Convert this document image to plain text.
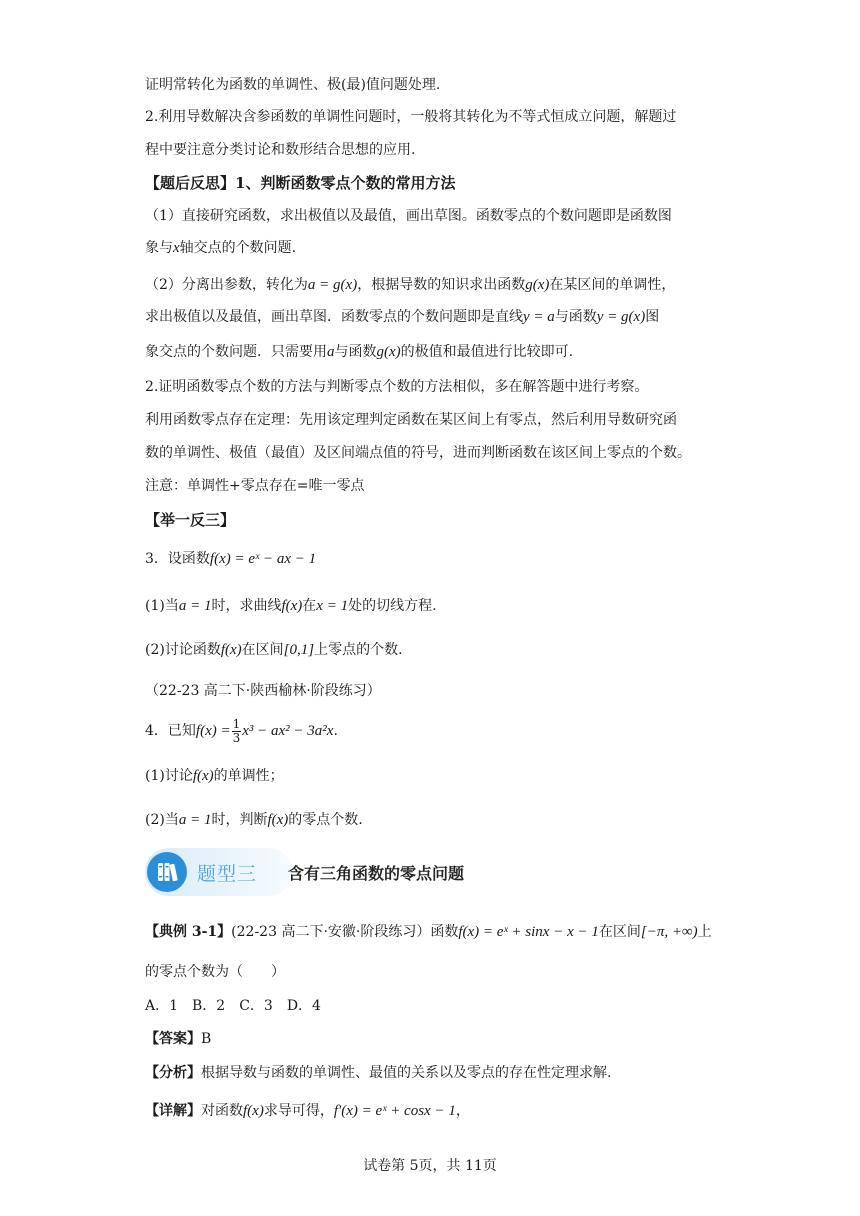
证明常转化为函数的单调性、极(最)值问题处理.
2.利用导数解决含参函数的单调性问题时，一般将其转化为不等式恒成立问题，解题过
程中要注意分类讨论和数形结合思想的应用.
【题后反思】1、判断函数零点个数的常用方法
（1）直接研究函数，求出极值以及最值，画出草图。函数零点的个数问题即是函数图
象与x轴交点的个数问题.
（2）分离出参数，转化为a = g(x)，根据导数的知识求出函数g(x)在某区间的单调性，
求出极值以及最值，画出草图．函数零点的个数问题即是直线y = a与函数y = g(x)图
象交点的个数问题．只需要用a与函数g(x)的极值和最值进行比较即可.
2.证明函数零点个数的方法与判断零点个数的方法相似，多在解答题中进行考察。
利用函数零点存在定理：先用该定理判定函数在某区间上有零点，然后利用导数研究函
数的单调性、极值（最值）及区间端点值的符号，进而判断函数在该区间上零点的个数。
注意：单调性+零点存在=唯一零点
【举一反三】
3．设函数f(x) = eˣ − ax − 1
(1)当a = 1时，求曲线f(x)在x = 1处的切线方程.
(2)讨论函数f(x)在区间[0,1]上零点的个数.
（22-23 高二下·陕西榆林·阶段练习）
4．已知$f(x) = \frac{1}{3} x^3 - ax^2 - 3a^2x$.
(1)讨论f(x)的单调性；
(2)当a = 1时，判断f(x)的零点个数.
题型三 含有三角函数的零点问题
【典例 3-1】(22-23 高二下·安徽·阶段练习）函数f(x) = eˣ + sinx − x − 1在区间[−π, +∞)上
的零点个数为（　　）
A．1　B．2　C．3　D．4
【答案】B
【分析】根据导数与函数的单调性、最值的关系以及零点的存在性定理求解.
【详解】对函数f(x)求导可得，f′(x) = eˣ + cosx − 1，
试卷第 5页，共 11页
